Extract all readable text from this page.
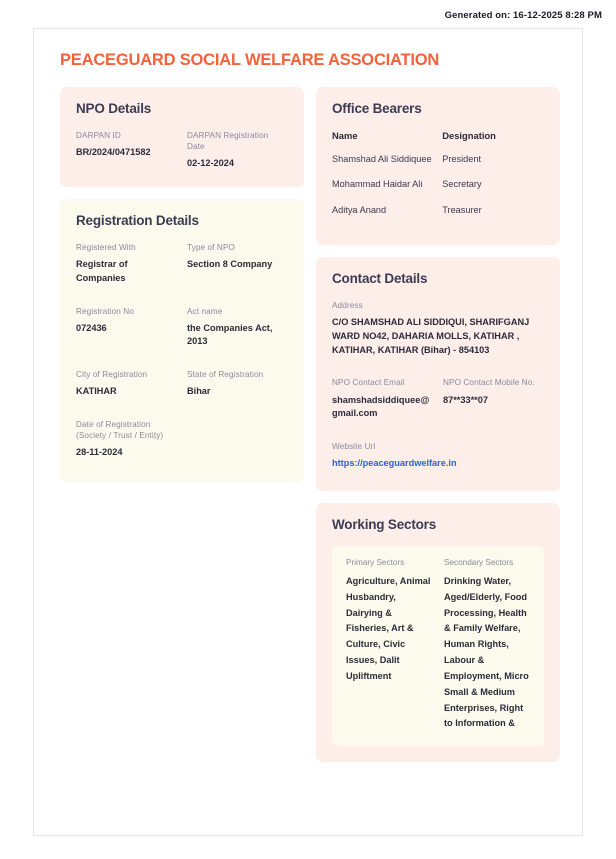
Generated on: 16-12-2025 8:28 PM
PEACEGUARD SOCIAL WELFARE ASSOCIATION
NPO Details
DARPAN ID
BR/2024/0471582
DARPAN Registration Date
02-12-2024
Registration Details
Registered With
Registrar of Companies
Type of NPO
Section 8 Company
Registration No
072436
Act name
the Companies Act, 2013
City of Registration
KATIHAR
State of Registration
Bihar
Date of Registration (Society / Trust / Entity)
28-11-2024
Office Bearers
Name	Designation
Shamshad Ali Siddiquee	President
Mohammad Haidar Ali	Secretary
Aditya Anand	Treasurer
Contact Details
Address
C/O SHAMSHAD ALI SIDDIQUI, SHARIFGANJ WARD NO42, DAHARIA MOLLS, KATIHAR , KATIHAR, KATIHAR (Bihar) - 854103
NPO Contact Email
shamshadsiddiquee@gmail.com
NPO Contact Mobile No.
87**33**07
Website Url
https://peaceguardwelfare.in
Working Sectors
Primary Sectors
Agriculture, Animal Husbandry, Dairying & Fisheries, Art & Culture, Civic Issues, Dalit Upliftment
Secondary Sectors
Drinking Water, Aged/Elderly, Food Processing, Health & Family Welfare, Human Rights, Labour & Employment, Micro Small & Medium Enterprises, Right to Information &
